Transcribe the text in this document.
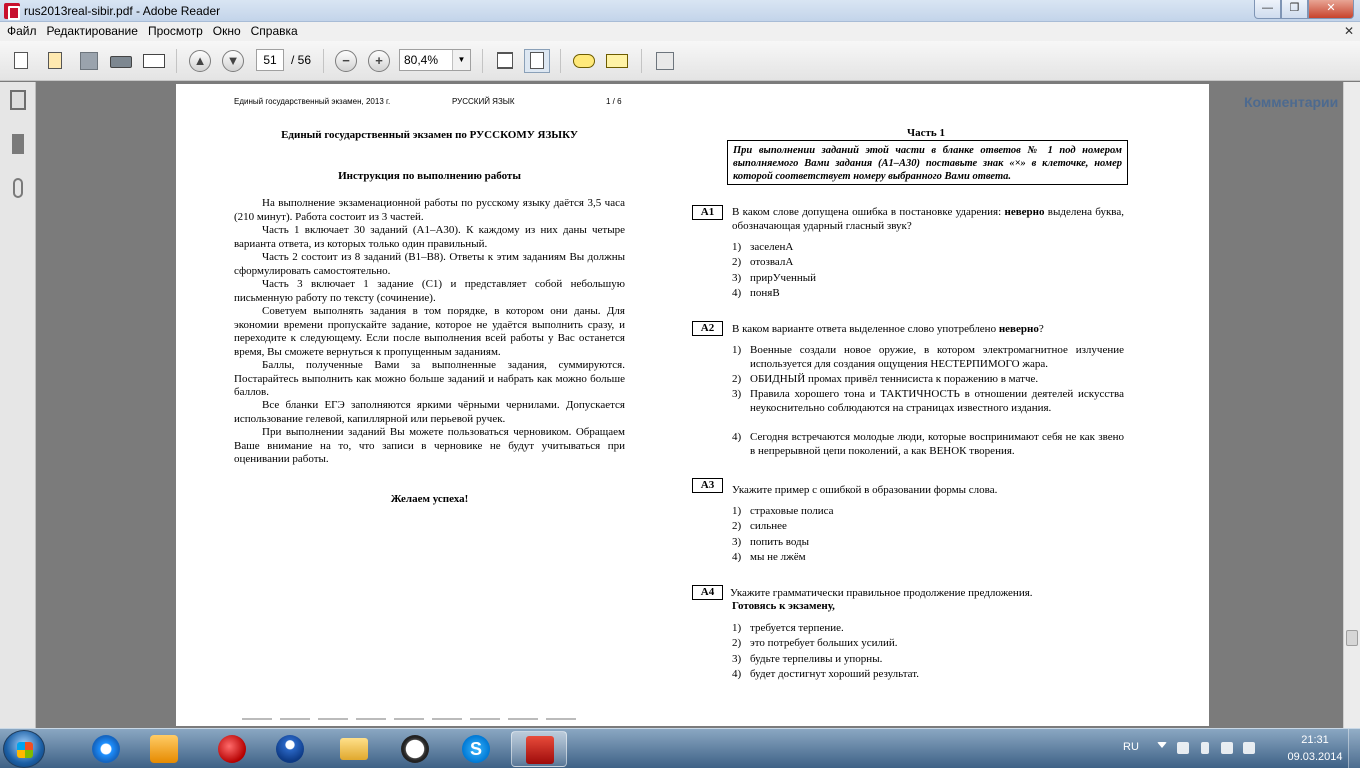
rus2013real-sibir.pdf - Adobe Reader	—	❐	✕
Файл Редактирование Просмотр Окно Справка	✕
▲	▼	−	+
Комментарии
51	/ 56	80,4%	▼
Единый государственный экзамен, 2013 г.	РУССКИЙ ЯЗЫК	1 / 6
Единый государственный экзамен по РУССКОМУ ЯЗЫКУ
Инструкция по выполнению работы
На выполнение экзаменационной работы по русскому языку даётся 3,5 часа (210 минут). Работа состоит из 3 частей.
Часть 1 включает 30 заданий (А1–А30). К каждому из них даны четыре варианта ответа, из которых только один правильный.
Часть 2 состоит из 8 заданий (В1–В8). Ответы к этим заданиям Вы должны сформулировать самостоятельно.
Часть 3 включает 1 задание (С1) и представляет собой небольшую письменную работу по тексту (сочинение).
Советуем выполнять задания в том порядке, в котором они даны. Для экономии времени пропускайте задание, которое не удаётся выполнить сразу, и переходите к следующему. Если после выполнения всей работы у Вас останется время, Вы сможете вернуться к пропущенным заданиям.
Баллы, полученные Вами за выполненные задания, суммируются. Постарайтесь выполнить как можно больше заданий и набрать как можно больше баллов.
Все бланки ЕГЭ заполняются яркими чёрными чернилами. Допускается использование гелевой, капиллярной или перьевой ручек.
При выполнении заданий Вы можете пользоваться черновиком. Обращаем Ваше внимание на то, что записи в черновике не будут учитываться при оценивании работы.
Желаем успеха!
Часть 1
При выполнении заданий этой части в бланке ответов № 1 под номером выполняемого Вами задания (А1–А30) поставьте знак «×» в клеточке, номер которой соответствует номеру выбранного Вами ответа.
А1	В каком слове допущена ошибка в постановке ударения: неверно выделена буква, обозначающая ударный гласный звук?
1) заселенА
2) отозвалА
3) прирУченный
4) поняВ
А2	В каком варианте ответа выделенное слово употреблено неверно?
1) Военные создали новое оружие, в котором электромагнитное излучение используется для создания ощущения НЕСТЕРПИМОГО жара.
2) ОБИДНЫЙ промах привёл теннисиста к поражению в матче.
3) Правила хорошего тона и ТАКТИЧНОСТЬ в отношении деятелей искусства неукоснительно соблюдаются на страницах известного издания.
4) Сегодня встречаются молодые люди, которые воспринимают себя не как звено в непрерывной цепи поколений, а как ВЕНОК творения.
А3	Укажите пример с ошибкой в образовании формы слова.
1) страховые полиса
2) сильнее
3) попить воды
4) мы не лжём
А4	Укажите грамматически правильное продолжение предложения.
Готовясь к экзамену,
1) требуется терпение.
2) это потребует больших усилий.
3) будьте терпеливы и упорны.
4) будет достигнут хороший результат.
S	RU
21:31
09.03.2014
